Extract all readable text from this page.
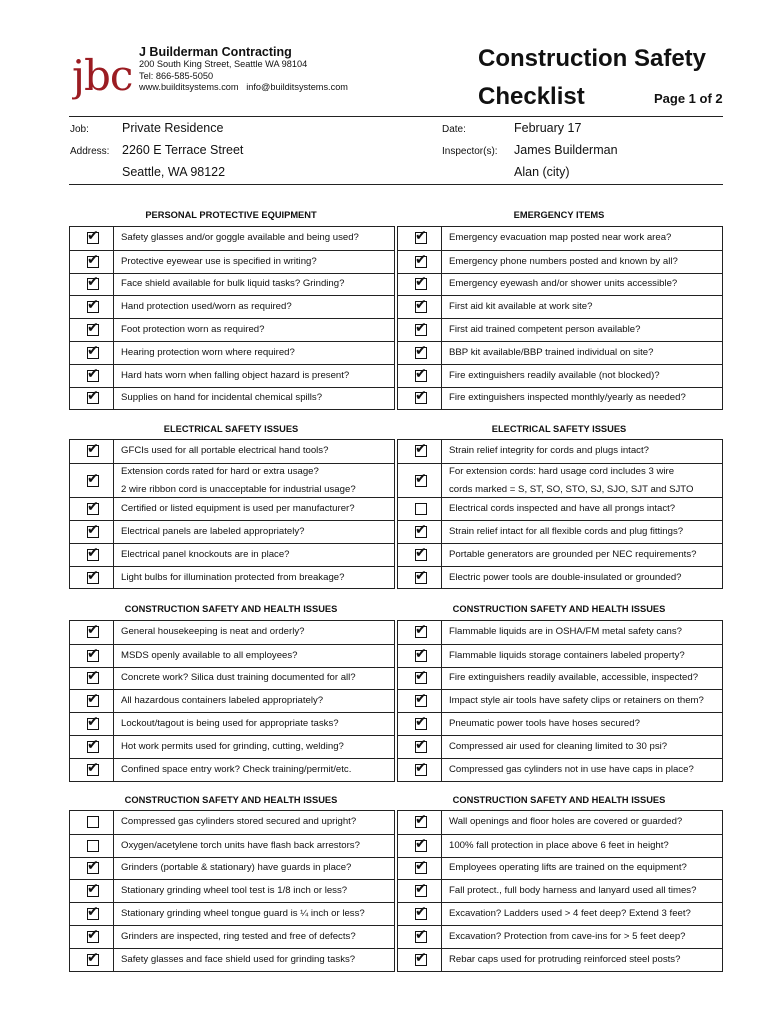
jbc J Builderman Contracting
200 South King Street, Seattle WA 98104
Tel: 866-585-5050
www.builditsystems.com   info@builditsystems.com
Construction Safety
Checklist	Page 1 of 2
Job:	Private Residence
Address: 2260 E Terrace Street
Seattle, WA 98122
Date:	February 17
Inspector(s): James Builderman
Alan (city)
PERSONAL PROTECTIVE EQUIPMENT
✔ Safety glasses and/or goggle available and being used?
✔ Protective eyewear use is specified in writing?
✔ Face shield available for bulk liquid tasks? Grinding?
✔ Hand protection used/worn as required?
✔ Foot protection worn as required?
✔ Hearing protection worn where required?
✔ Hard hats worn when falling object hazard is present?
✔ Supplies on hand for incidental chemical spills?
EMERGENCY ITEMS
✔ Emergency evacuation map posted near work area?
✔ Emergency phone numbers posted and known by all?
✔ Emergency eyewash and/or shower units accessible?
✔ First aid kit available at work site?
✔ First aid trained competent person available?
✔ BBP kit available/BBP trained individual on site?
✔ Fire extinguishers readily available (not blocked)?
✔ Fire extinguishers inspected monthly/yearly as needed?
ELECTRICAL SAFETY ISSUES
✔ GFCIs used for all portable electrical hand tools?
✔ Extension cords rated for hard or extra usage?
2 wire ribbon cord is unacceptable for industrial usage?
✔ Certified or listed equipment is used per manufacturer?
✔ Electrical panels are labeled appropriately?
✔ Electrical panel knockouts are in place?
✔ Light bulbs for illumination protected from breakage?
ELECTRICAL SAFETY ISSUES
✔ Strain relief integrity for cords and plugs intact?
✔ For extension cords: hard usage cord includes 3 wire
cords marked = S, ST, SO, STO, SJ, SJO, SJT and SJTO
Electrical cords inspected and have all prongs intact?
✔ Strain relief intact for all flexible cords and plug fittings?
✔ Portable generators are grounded per NEC requirements?
✔ Electric power tools are double-insulated or grounded?
CONSTRUCTION SAFETY AND HEALTH ISSUES
✔ General housekeeping is neat and orderly?
✔ MSDS openly available to all employees?
✔ Concrete work? Silica dust training documented for all?
✔ All hazardous containers labeled appropriately?
✔ Lockout/tagout is being used for appropriate tasks?
✔ Hot work permits used for grinding, cutting, welding?
✔ Confined space entry work? Check training/permit/etc.
CONSTRUCTION SAFETY AND HEALTH ISSUES
✔ Flammable liquids are in OSHA/FM metal safety cans?
✔ Flammable liquids storage containers labeled property?
✔ Fire extinguishers readily available, accessible, inspected?
✔ Impact style air tools have safety clips or retainers on them?
✔ Pneumatic power tools have hoses secured?
✔ Compressed air used for cleaning limited to 30 psi?
✔ Compressed gas cylinders not in use have caps in place?
CONSTRUCTION SAFETY AND HEALTH ISSUES
Compressed gas cylinders stored secured and upright?
Oxygen/acetylene torch units have flash back arrestors?
✔ Grinders (portable & stationary) have guards in place?
✔ Stationary grinding wheel tool test is 1/8 inch or less?
✔ Stationary grinding wheel tongue guard is ¼ inch or less?
✔ Grinders are inspected, ring tested and free of defects?
✔ Safety glasses and face shield used for grinding tasks?
CONSTRUCTION SAFETY AND HEALTH ISSUES
✔ Wall openings and floor holes are covered or guarded?
✔ 100% fall protection in place above 6 feet in height?
✔ Employees operating lifts are trained on the equipment?
✔ Fall protect., full body harness and lanyard used all times?
✔ Excavation? Ladders used > 4 feet deep? Extend 3 feet?
✔ Excavation? Protection from cave-ins for > 5 feet deep?
✔ Rebar caps used for protruding reinforced steel posts?
